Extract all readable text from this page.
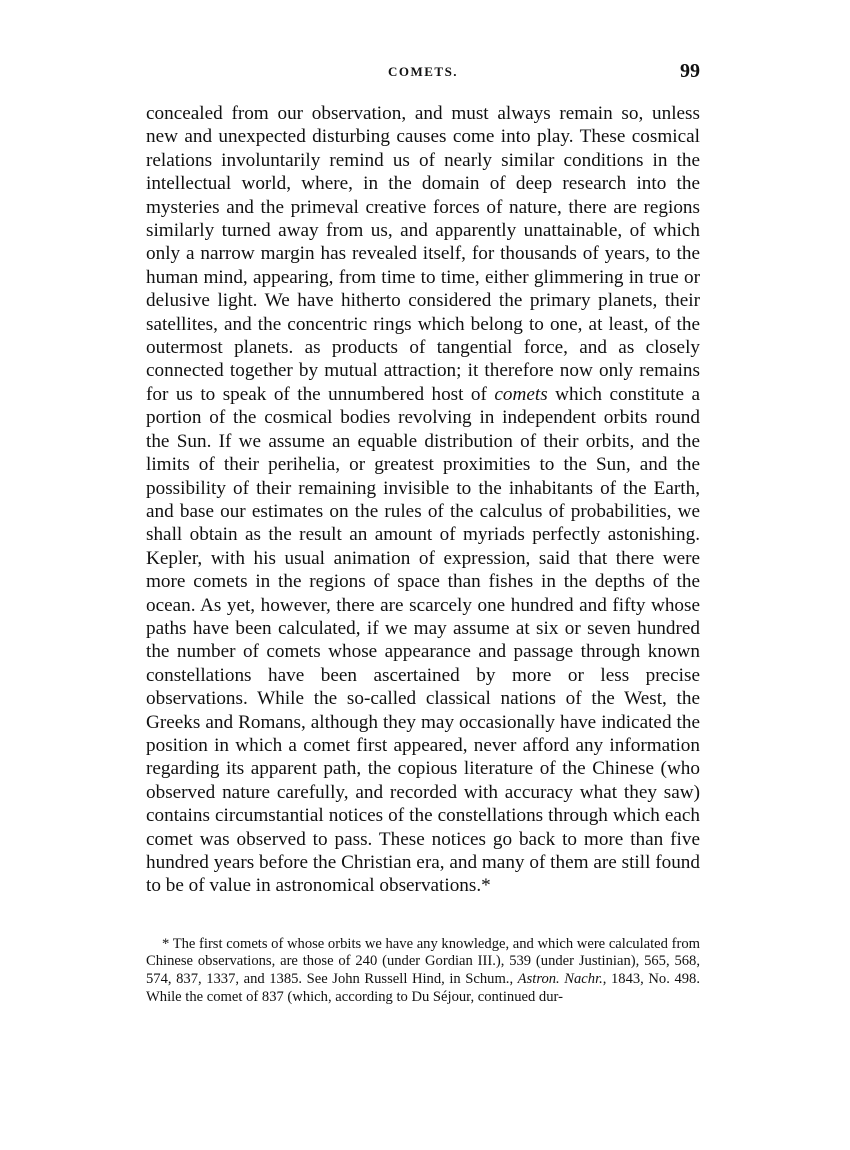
COMETS.	99

concealed from our observation, and must always remain so, unless new and unexpected disturbing causes come into play. These cosmical relations involuntarily remind us of nearly similar conditions in the intellectual world, where, in the domain of deep research into the mysteries and the primeval creative forces of nature, there are regions similarly turned away from us, and apparently unattainable, of which only a narrow margin has revealed itself, for thousands of years, to the human mind, appearing, from time to time, either glimmering in true or delusive light. We have hitherto considered the primary planets, their satellites, and the concentric rings which belong to one, at least, of the outermost planets. as products of tangential force, and as closely connected together by mutual attraction; it therefore now only remains for us to speak of the unnumbered host of comets which constitute a portion of the cosmical bodies revolving in independent orbits round the Sun. If we assume an equable distribution of their orbits, and the limits of their perihelia, or greatest proximities to the Sun, and the possibility of their remaining invisible to the inhabitants of the Earth, and base our estimates on the rules of the calculus of probabilities, we shall obtain as the result an amount of myriads perfectly astonishing. Kepler, with his usual animation of expression, said that there were more comets in the regions of space than fishes in the depths of the ocean. As yet, however, there are scarcely one hundred and fifty whose paths have been calculated, if we may assume at six or seven hundred the number of comets whose appearance and passage through known constellations have been ascertained by more or less precise observations. While the so-called classical nations of the West, the Greeks and Romans, although they may occasionally have indicated the position in which a comet first appeared, never afford any information regarding its apparent path, the copious literature of the Chinese (who observed nature carefully, and recorded with accuracy what they saw) contains circumstantial notices of the constellations through which each comet was observed to pass. These notices go back to more than five hundred years before the Christian era, and many of them are still found to be of value in astronomical observations.*

* The first comets of whose orbits we have any knowledge, and which were calculated from Chinese observations, are those of 240 (under Gordian III.), 539 (under Justinian), 565, 568, 574, 837, 1337, and 1385. See John Russell Hind, in Schum., Astron. Nachr., 1843, No. 498. While the comet of 837 (which, according to Du Séjour, continued dur-
